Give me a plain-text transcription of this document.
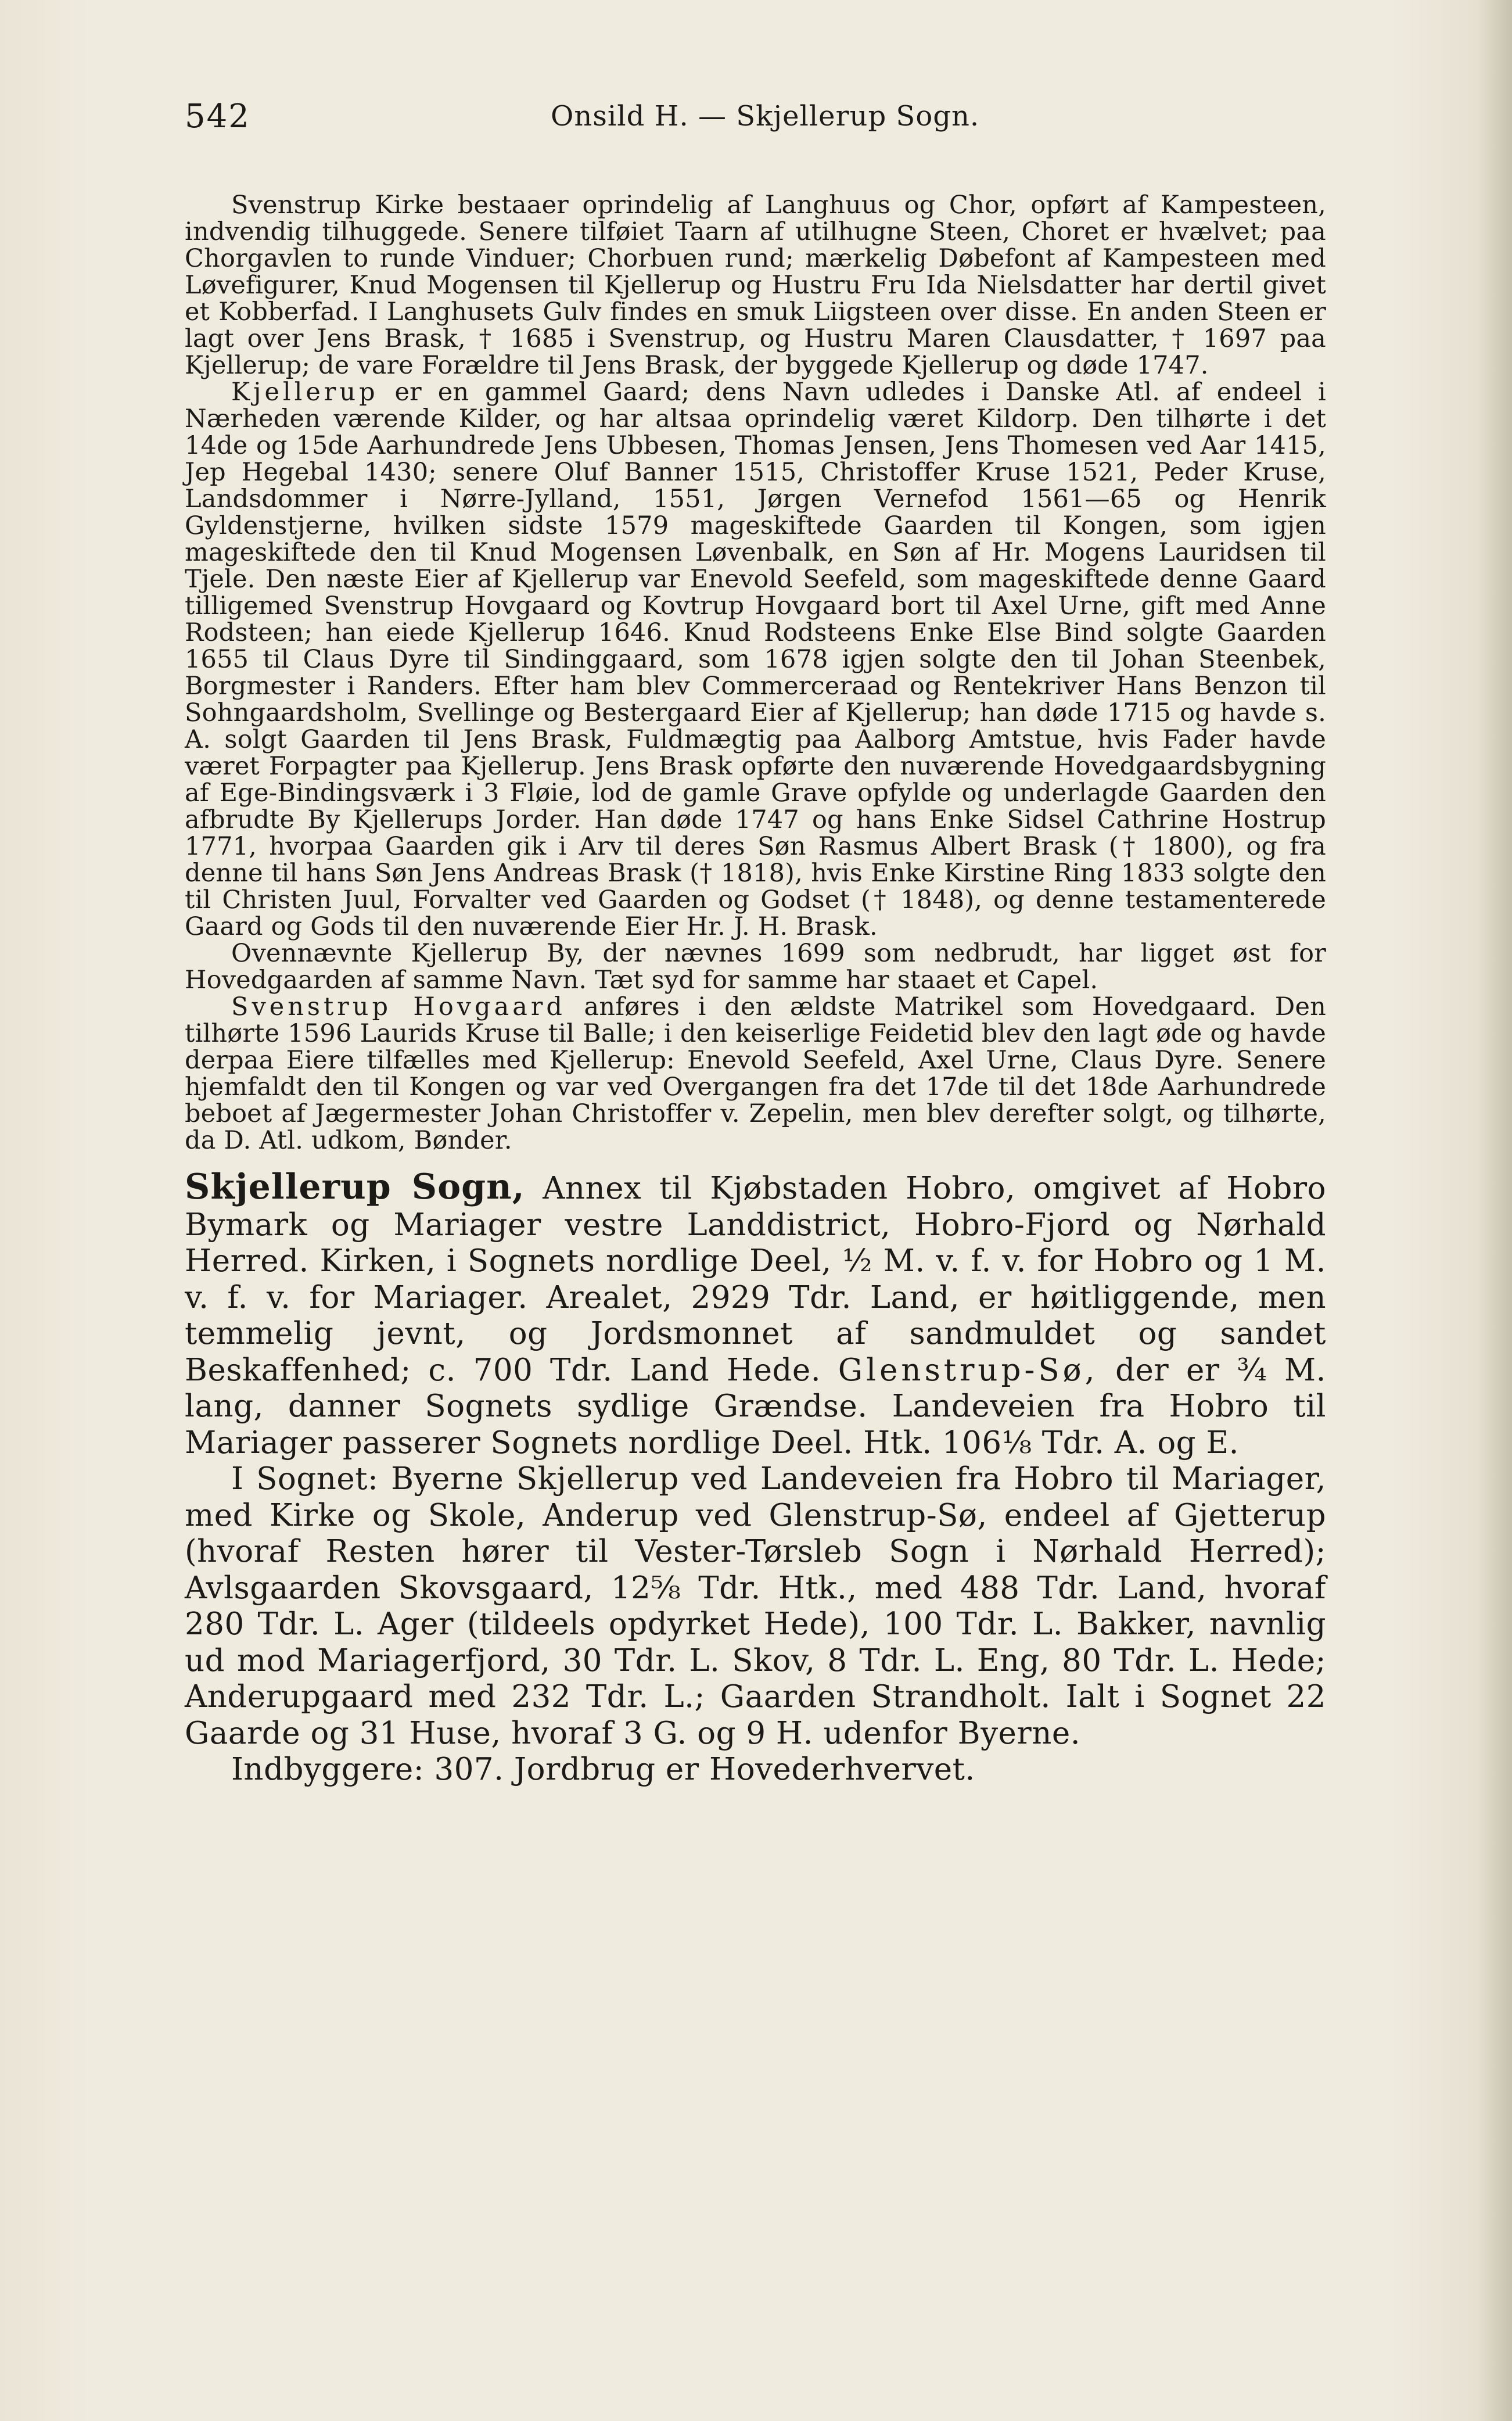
542	Onsild H. — Skjellerup Sogn.

Svenstrup Kirke bestaaer oprindelig af Langhuus og Chor, opført af Kampesteen, indvendig tilhuggede. Senere tilføiet Taarn af utilhugne Steen, Choret er hvælvet; paa Chorgavlen to runde Vinduer; Chorbuen rund; mærkelig Døbefont af Kampesteen med Løvefigurer, Knud Mogensen til Kjellerup og Hustru Fru Ida Nielsdatter har dertil givet et Kobberfad. I Langhusets Gulv findes en smuk Liigsteen over disse. En anden Steen er lagt over Jens Brask, † 1685 i Svenstrup, og Hustru Maren Clausdatter, † 1697 paa Kjellerup; de vare Forældre til Jens Brask, der byggede Kjellerup og døde 1747.

Kjellerup er en gammel Gaard; dens Navn udledes i Danske Atl. af endeel i Nærheden værende Kilder, og har altsaa oprindelig været Kildorp. Den tilhørte i det 14de og 15de Aarhundrede Jens Ubbesen, Thomas Jensen, Jens Thomesen ved Aar 1415, Jep Hegebal 1430; senere Oluf Banner 1515, Christoffer Kruse 1521, Peder Kruse, Landsdommer i Nørre-Jylland, 1551, Jørgen Vernefod 1561—65 og Henrik Gyldenstjerne, hvilken sidste 1579 mageskiftede Gaarden til Kongen, som igjen mageskiftede den til Knud Mogensen Løvenbalk, en Søn af Hr. Mogens Lauridsen til Tjele. Den næste Eier af Kjellerup var Enevold Seefeld, som mageskiftede denne Gaard tilligemed Svenstrup Hovgaard og Kovtrup Hovgaard bort til Axel Urne, gift med Anne Rodsteen; han eiede Kjellerup 1646. Knud Rodsteens Enke Else Bind solgte Gaarden 1655 til Claus Dyre til Sindinggaard, som 1678 igjen solgte den til Johan Steenbek, Borgmester i Randers. Efter ham blev Commerceraad og Rentekriver Hans Benzon til Sohngaardsholm, Svellinge og Bestergaard Eier af Kjellerup; han døde 1715 og havde s. A. solgt Gaarden til Jens Brask, Fuldmægtig paa Aalborg Amtstue, hvis Fader havde været Forpagter paa Kjellerup. Jens Brask opførte den nuværende Hovedgaardsbygning af Ege-Bindingsværk i 3 Fløie, lod de gamle Grave opfylde og underlagde Gaarden den afbrudte By Kjellerups Jorder. Han døde 1747 og hans Enke Sidsel Cathrine Hostrup 1771, hvorpaa Gaarden gik i Arv til deres Søn Rasmus Albert Brask († 1800), og fra denne til hans Søn Jens Andreas Brask († 1818), hvis Enke Kirstine Ring 1833 solgte den til Christen Juul, Forvalter ved Gaarden og Godset († 1848), og denne testamenterede Gaard og Gods til den nuværende Eier Hr. J. H. Brask.

Ovennævnte Kjellerup By, der nævnes 1699 som nedbrudt, har ligget øst for Hovedgaarden af samme Navn. Tæt syd for samme har staaet et Capel.

Svenstrup Hovgaard anføres i den ældste Matrikel som Hovedgaard. Den tilhørte 1596 Laurids Kruse til Balle; i den keiserlige Feidetid blev den lagt øde og havde derpaa Eiere tilfælles med Kjellerup: Enevold Seefeld, Axel Urne, Claus Dyre. Senere hjemfaldt den til Kongen og var ved Overgangen fra det 17de til det 18de Aarhundrede beboet af Jægermester Johan Christoffer v. Zepelin, men blev derefter solgt, og tilhørte, da D. Atl. udkom, Bønder.

Skjellerup Sogn, Annex til Kjøbstaden Hobro, omgivet af Hobro Bymark og Mariager vestre Landdistrict, Hobro-Fjord og Nørhald Herred. Kirken, i Sognets nordlige Deel, ½ M. v. f. v. for Hobro og 1 M. v. f. v. for Mariager. Arealet, 2929 Tdr. Land, er høitliggende, men temmelig jevnt, og Jordsmonnet af sandmuldet og sandet Beskaffenhed; c. 700 Tdr. Land Hede. Glenstrup-Sø, der er ¾ M. lang, danner Sognets sydlige Grændse. Landeveien fra Hobro til Mariager passerer Sognets nordlige Deel. Htk. 106⅛ Tdr. A. og E.

I Sognet: Byerne Skjellerup ved Landeveien fra Hobro til Mariager, med Kirke og Skole, Anderup ved Glenstrup-Sø, endeel af Gjetterup (hvoraf Resten hører til Vester-Tørsleb Sogn i Nørhald Herred); Avlsgaarden Skovsgaard, 12⅝ Tdr. Htk., med 488 Tdr. Land, hvoraf 280 Tdr. L. Ager (tildeels opdyrket Hede), 100 Tdr. L. Bakker, navnlig ud mod Mariagerfjord, 30 Tdr. L. Skov, 8 Tdr. L. Eng, 80 Tdr. L. Hede; Anderupgaard med 232 Tdr. L.; Gaarden Strandholt. Ialt i Sognet 22 Gaarde og 31 Huse, hvoraf 3 G. og 9 H. udenfor Byerne.

Indbyggere: 307. Jordbrug er Hovederhvervet.
